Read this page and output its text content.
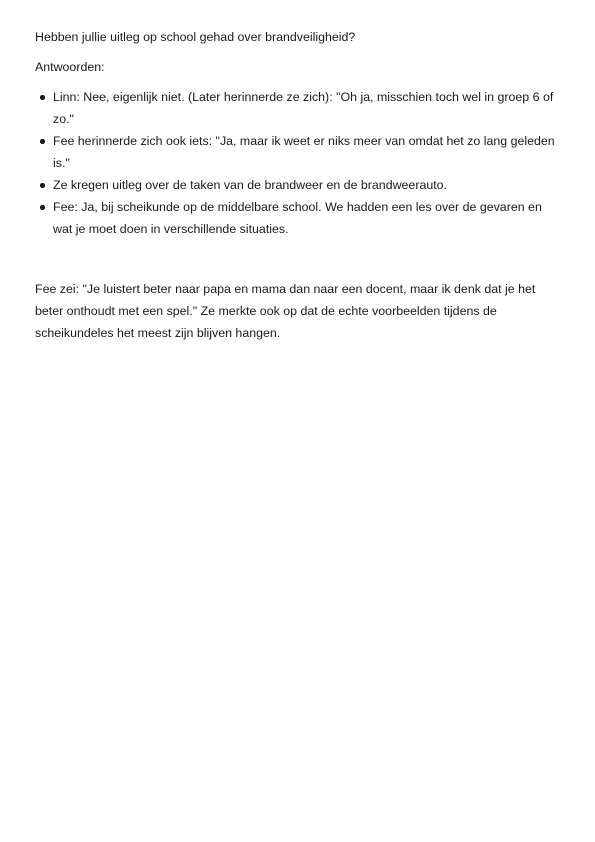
Hebben jullie uitleg op school gehad over brandveiligheid?

Antwoorden:

Linn: Nee, eigenlijk niet. (Later herinnerde ze zich): "Oh ja, misschien toch wel in groep 6 of zo."
Fee herinnerde zich ook iets: "Ja, maar ik weet er niks meer van omdat het zo lang geleden is."
Ze kregen uitleg over de taken van de brandweer en de brandweerauto.
Fee: Ja, bij scheikunde op de middelbare school. We hadden een les over de gevaren en wat je moet doen in verschillende situaties.

Fee zei: "Je luistert beter naar papa en mama dan naar een docent, maar ik denk dat je het beter onthoudt met een spel." Ze merkte ook op dat de echte voorbeelden tijdens de scheikundeles het meest zijn blijven hangen.
